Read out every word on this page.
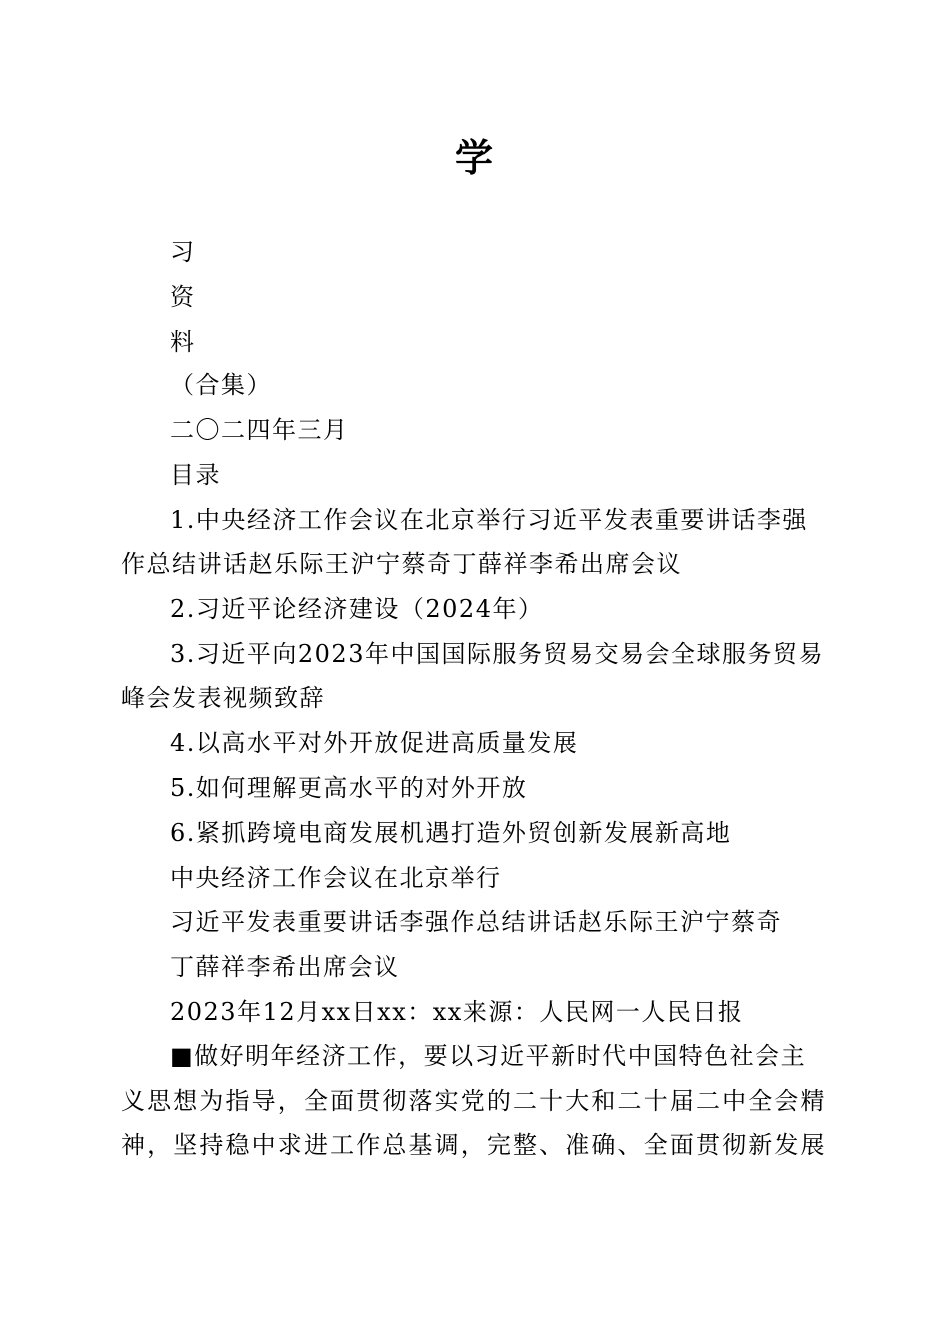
学
习
资
料
（合集）
二〇二四年三月
目录
1.中央经济工作会议在北京举行习近平发表重要讲话李强
作总结讲话赵乐际王沪宁蔡奇丁薛祥李希出席会议
2.习近平论经济建设（2024年）
3.习近平向2023年中国国际服务贸易交易会全球服务贸易
峰会发表视频致辞
4.以高水平对外开放促进高质量发展
5.如何理解更高水平的对外开放
6.紧抓跨境电商发展机遇打造外贸创新发展新高地
中央经济工作会议在北京举行
习近平发表重要讲话李强作总结讲话赵乐际王沪宁蔡奇
丁薛祥李希出席会议
2023年12月xx日xx：xx来源：人民网一人民日报
■做好明年经济工作，要以习近平新时代中国特色社会主
义思想为指导，全面贯彻落实党的二十大和二十届二中全会精
神，坚持稳中求进工作总基调，完整、准确、全面贯彻新发展
